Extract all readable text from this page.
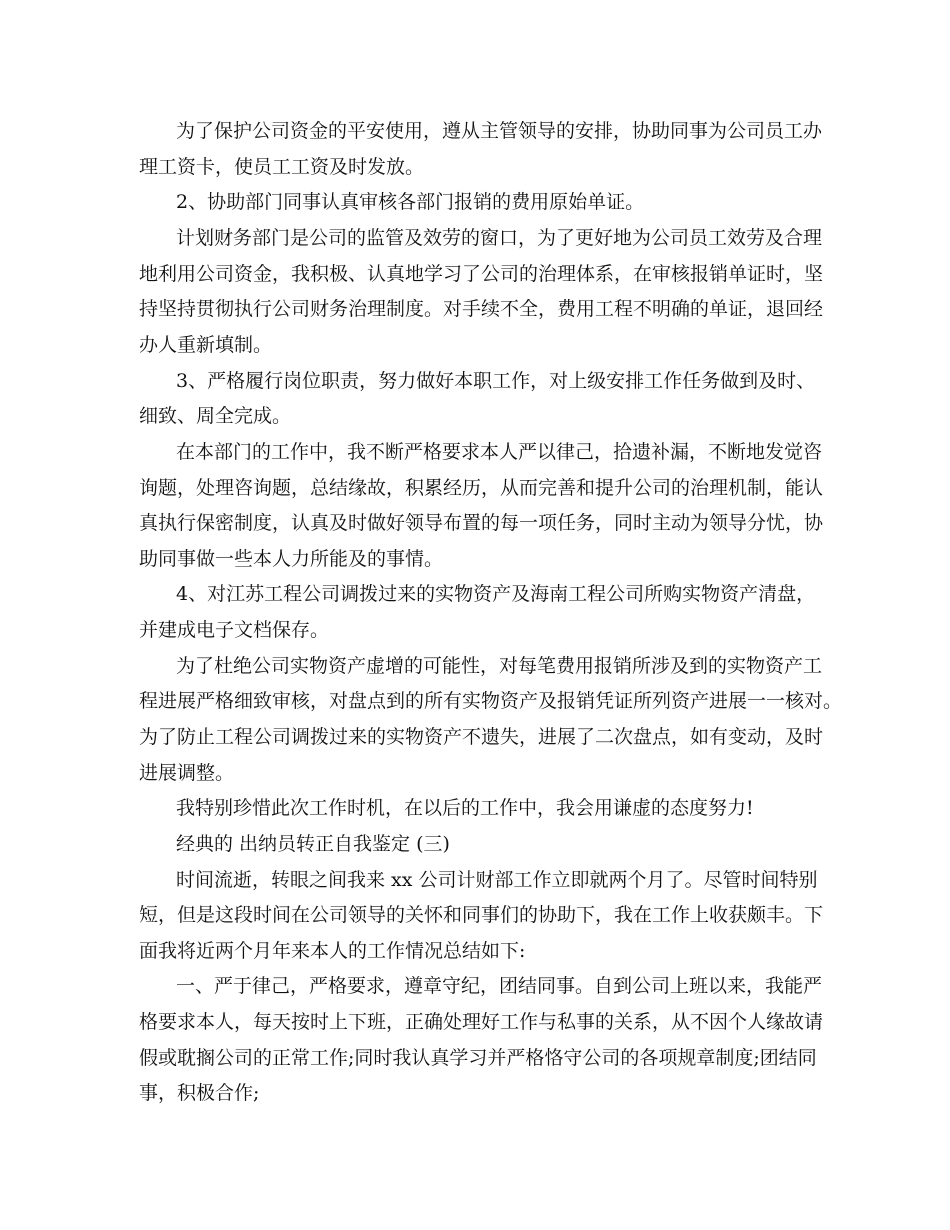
为了保护公司资金的平安使用，遵从主管领导的安排，协助同事为公司员工办
理工资卡，使员工工资及时发放。
2、协助部门同事认真审核各部门报销的费用原始单证。
计划财务部门是公司的监管及效劳的窗口，为了更好地为公司员工效劳及合理
地利用公司资金，我积极、认真地学习了公司的治理体系，在审核报销单证时，坚
持坚持贯彻执行公司财务治理制度。对手续不全，费用工程不明确的单证，退回经
办人重新填制。
3、严格履行岗位职责，努力做好本职工作，对上级安排工作任务做到及时、
细致、周全完成。
在本部门的工作中，我不断严格要求本人严以律己，拾遗补漏，不断地发觉咨
询题，处理咨询题，总结缘故，积累经历，从而完善和提升公司的治理机制，能认
真执行保密制度，认真及时做好领导布置的每一项任务，同时主动为领导分忧，协
助同事做一些本人力所能及的事情。
4、对江苏工程公司调拨过来的实物资产及海南工程公司所购实物资产清盘，
并建成电子文档保存。
为了杜绝公司实物资产虚增的可能性，对每笔费用报销所涉及到的实物资产工
程进展严格细致审核，对盘点到的所有实物资产及报销凭证所列资产进展一一核对。
为了防止工程公司调拨过来的实物资产不遗失，进展了二次盘点，如有变动，及时
进展调整。
我特别珍惜此次工作时机，在以后的工作中，我会用谦虚的态度努力!
经典的 出纳员转正自我鉴定 (三)
时间流逝，转眼之间我来 xx 公司计财部工作立即就两个月了。尽管时间特别
短，但是这段时间在公司领导的关怀和同事们的协助下，我在工作上收获颇丰。下
面我将近两个月年来本人的工作情况总结如下:
一、严于律己，严格要求，遵章守纪，团结同事。自到公司上班以来，我能严
格要求本人，每天按时上下班，正确处理好工作与私事的关系，从不因个人缘故请
假或耽搁公司的正常工作;同时我认真学习并严格恪守公司的各项规章制度;团结同
事，积极合作;
